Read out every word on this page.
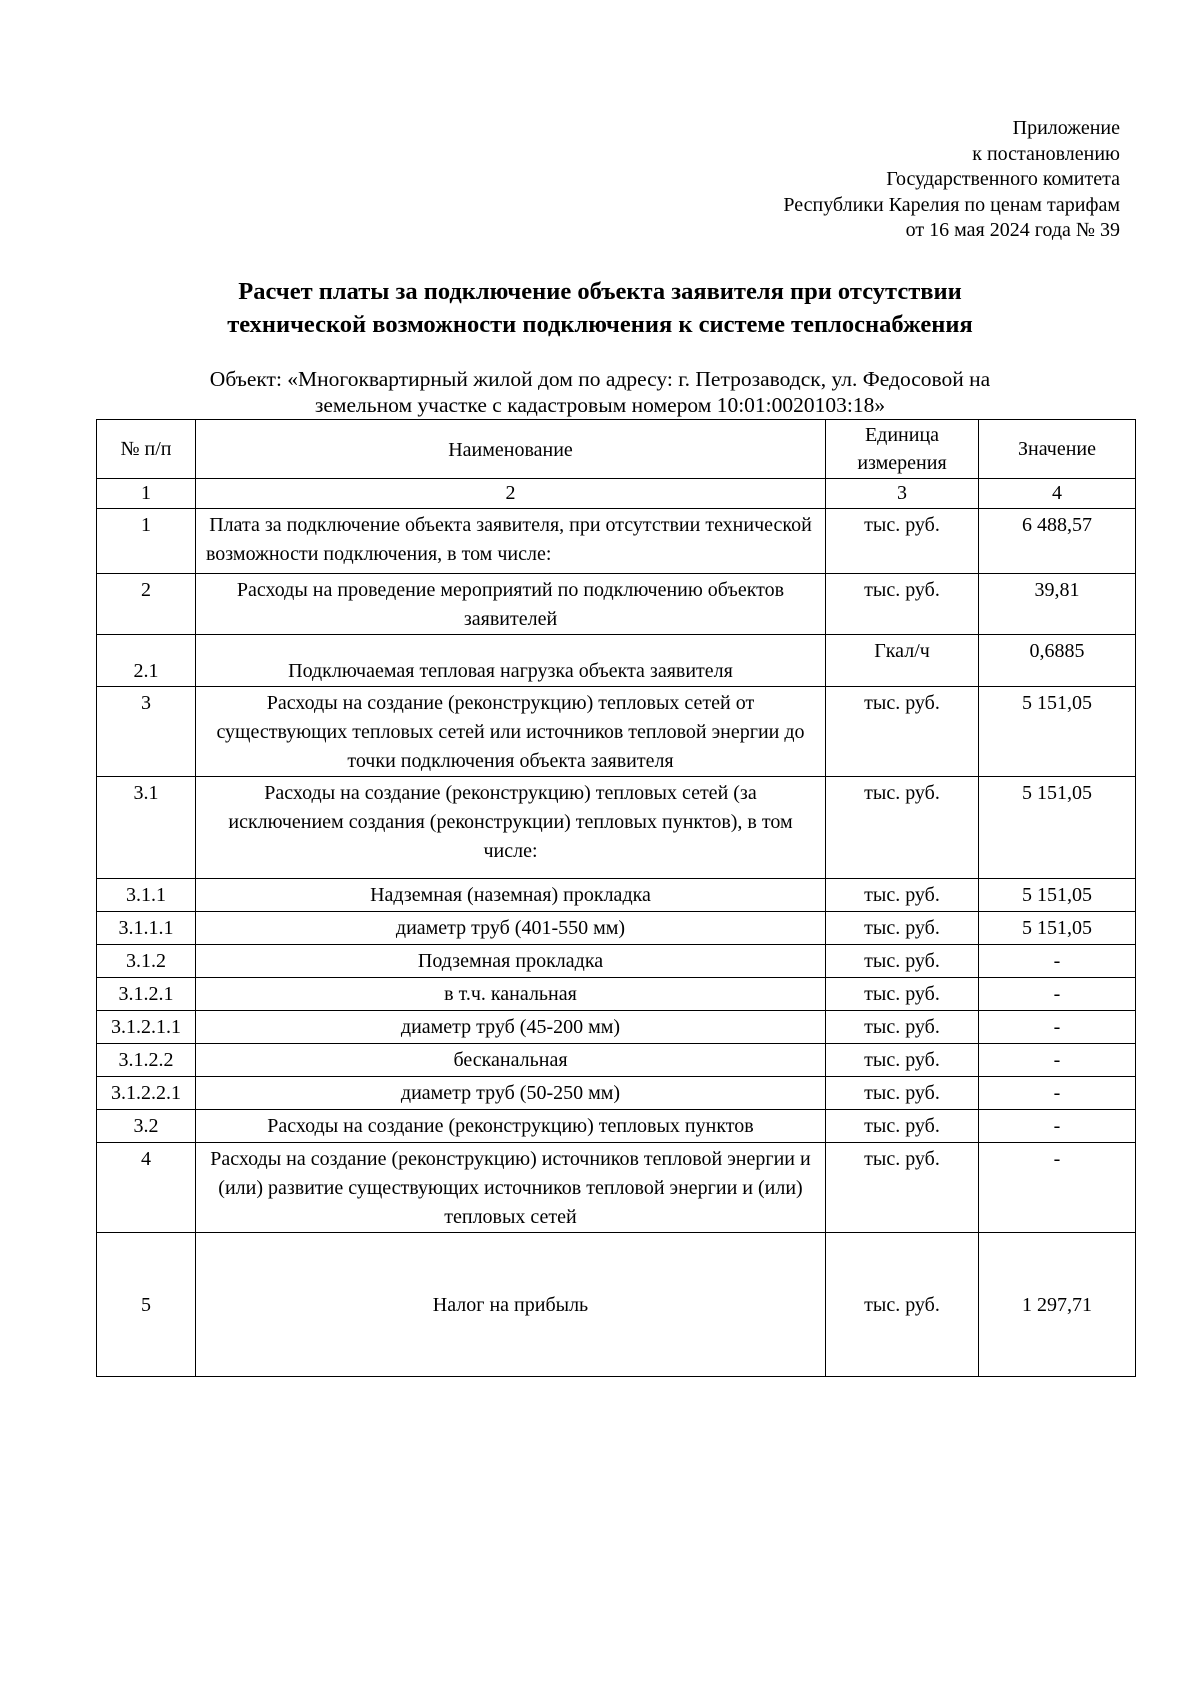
Приложение
к постановлению
Государственного комитета
Республики Карелия по ценам тарифам
от 16 мая 2024 года № 39
Расчет платы за подключение объекта заявителя при отсутствии
технической возможности подключения к системе теплоснабжения
Объект: «Многоквартирный жилой дом по адресу: г. Петрозаводск, ул. Федосовой на
земельном участке с кадастровым номером 10:01:0020103:18»
№ п/п	Наименование	Единица измерения	Значение
1	2	3	4
1	Плата за подключение объекта заявителя, при отсутствии технической возможности подключения, в том числе:	тыс. руб.	6 488,57
2	Расходы на проведение мероприятий по подключению объектов заявителей	тыс. руб.	39,81
2.1	Подключаемая тепловая нагрузка объекта заявителя	Гкал/ч	0,6885
3	Расходы на создание (реконструкцию) тепловых сетей от существующих тепловых сетей или источников тепловой энергии до точки подключения объекта заявителя	тыс. руб.	5 151,05
3.1	Расходы на создание (реконструкцию) тепловых сетей (за исключением создания (реконструкции) тепловых пунктов), в том числе:	тыс. руб.	5 151,05
3.1.1	Надземная (наземная) прокладка	тыс. руб.	5 151,05
3.1.1.1	диаметр труб (401-550 мм)	тыс. руб.	5 151,05
3.1.2	Подземная прокладка	тыс. руб.	-
3.1.2.1	в т.ч. канальная	тыс. руб.	-
3.1.2.1.1	диаметр труб (45-200 мм)	тыс. руб.	-
3.1.2.2	бесканальная	тыс. руб.	-
3.1.2.2.1	диаметр труб (50-250 мм)	тыс. руб.	-
3.2	Расходы на создание (реконструкцию) тепловых пунктов	тыс. руб.	-
4	Расходы на создание (реконструкцию) источников тепловой энергии и (или) развитие существующих источников тепловой энергии и (или) тепловых сетей	тыс. руб.	-
5	Налог на прибыль	тыс. руб.	1 297,71
